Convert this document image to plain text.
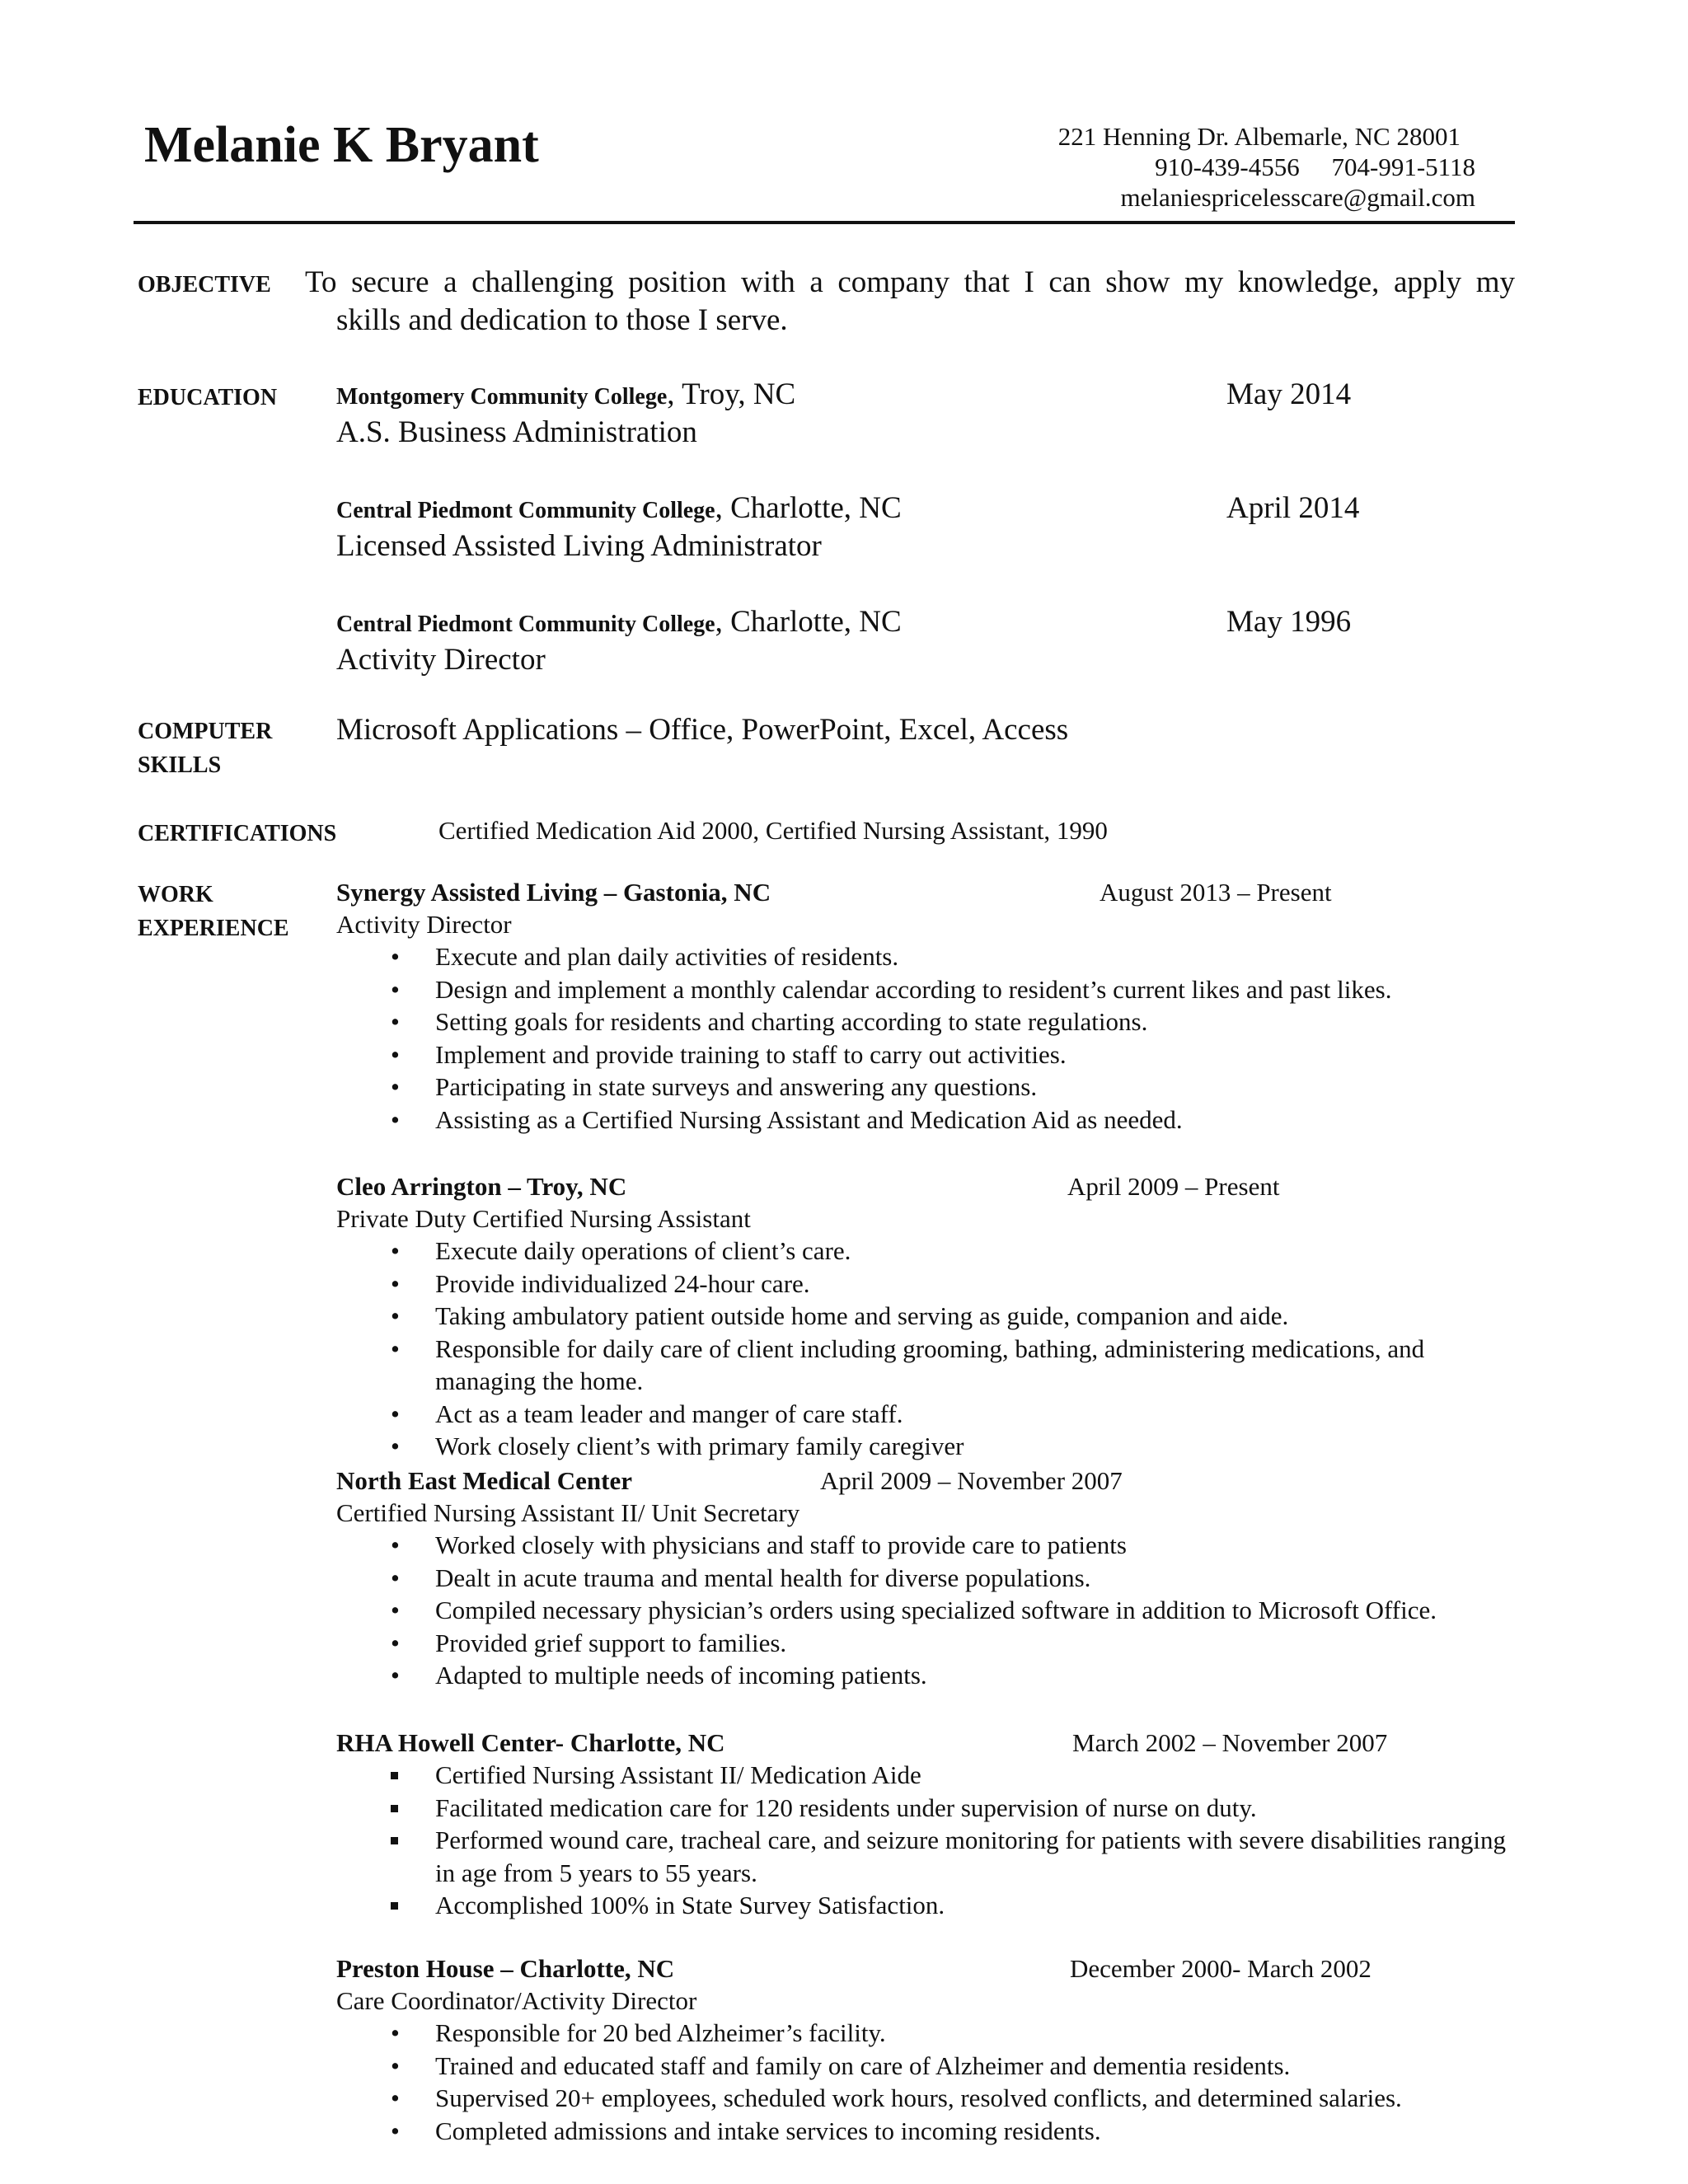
Melanie K Bryant	221 Henning Dr. Albemarle, NC 28001
910-439-4556 704-991-5118
melaniespricelesscare@gmail.com
OBJECTIVE To secure a challenging position with a company that I can show my knowledge, apply my
skills and dedication to those I serve.
EDUCATION	Montgomery Community College, Troy, NC	May 2014
A.S. Business Administration
Central Piedmont Community College, Charlotte, NC	April 2014
Licensed Assisted Living Administrator
Central Piedmont Community College, Charlotte, NC	May 1996
Activity Director
COMPUTER
SKILLS
Microsoft Applications – Office, PowerPoint, Excel, Access
CERTIFICATIONS	Certified Medication Aid 2000, Certified Nursing Assistant, 1990
WORK
EXPERIENCE
Synergy Assisted Living – Gastonia, NC	August 2013 – Present
Activity Director
• Execute and plan daily activities of residents.
• Design and implement a monthly calendar according to resident’s current likes and past likes.
• Setting goals for residents and charting according to state regulations.
• Implement and provide training to staff to carry out activities.
• Participating in state surveys and answering any questions.
• Assisting as a Certified Nursing Assistant and Medication Aid as needed.
Cleo Arrington – Troy, NC	April 2009 – Present
Private Duty Certified Nursing Assistant
• Execute daily operations of client’s care.
• Provide individualized 24-hour care.
• Taking ambulatory patient outside home and serving as guide, companion and aide.
• Responsible for daily care of client including grooming, bathing, administering medications, and managing the home.
• Act as a team leader and manger of care staff.
• Work closely client’s with primary family caregiver
North East Medical Center	April 2009 – November 2007
Certified Nursing Assistant II/ Unit Secretary
• Worked closely with physicians and staff to provide care to patients
• Dealt in acute trauma and mental health for diverse populations.
• Compiled necessary physician’s orders using specialized software in addition to Microsoft Office.
• Provided grief support to families.
• Adapted to multiple needs of incoming patients.
RHA Howell Center- Charlotte, NC	March 2002 – November 2007
Certified Nursing Assistant II/ Medication Aide
Facilitated medication care for 120 residents under supervision of nurse on duty.
Performed wound care, tracheal care, and seizure monitoring for patients with severe disabilities ranging in age from 5 years to 55 years.
Accomplished 100% in State Survey Satisfaction.
Preston House – Charlotte, NC	December 2000- March 2002
Care Coordinator/Activity Director
• Responsible for 20 bed Alzheimer’s facility.
• Trained and educated staff and family on care of Alzheimer and dementia residents.
• Supervised 20+ employees, scheduled work hours, resolved conflicts, and determined salaries.
• Completed admissions and intake services to incoming residents.
